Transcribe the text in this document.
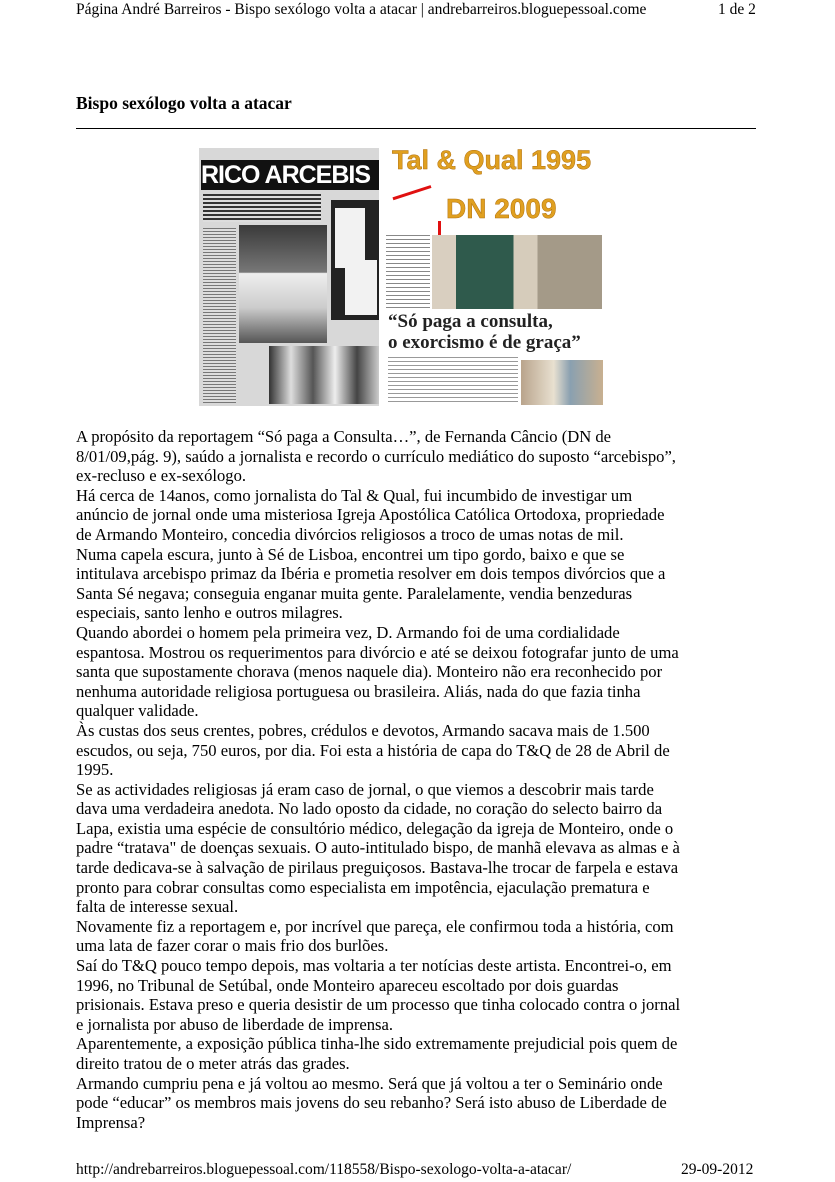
Página André Barreiros - Bispo sexólogo volta a atacar | andrebarreiros.bloguepessoal.come	1 de 2
Bispo sexólogo volta a atacar
RICO ARCEBIS Tal & Qual 1995
DN 2009
“Só paga a consulta,
o exorcismo é de graça”
A propósito da reportagem “Só paga a Consulta…”, de Fernanda Câncio (DN de
8/01/09,pág. 9), saúdo a jornalista e recordo o currículo mediático do suposto “arcebispo”,
ex-recluso e ex-sexólogo.
Há cerca de 14anos, como jornalista do Tal & Qual, fui incumbido de investigar um
anúncio de jornal onde uma misteriosa Igreja Apostólica Católica Ortodoxa, propriedade
de Armando Monteiro, concedia divórcios religiosos a troco de umas notas de mil.
Numa capela escura, junto à Sé de Lisboa, encontrei um tipo gordo, baixo e que se
intitulava arcebispo primaz da Ibéria e prometia resolver em dois tempos divórcios que a
Santa Sé negava; conseguia enganar muita gente. Paralelamente, vendia benzeduras
especiais, santo lenho e outros milagres.
Quando abordei o homem pela primeira vez, D. Armando foi de uma cordialidade
espantosa. Mostrou os requerimentos para divórcio e até se deixou fotografar junto de uma
santa que supostamente chorava (menos naquele dia). Monteiro não era reconhecido por
nenhuma autoridade religiosa portuguesa ou brasileira. Aliás, nada do que fazia tinha
qualquer validade.
Às custas dos seus crentes, pobres, crédulos e devotos, Armando sacava mais de 1.500
escudos, ou seja, 750 euros, por dia. Foi esta a história de capa do T&Q de 28 de Abril de
1995.
Se as actividades religiosas já eram caso de jornal, o que viemos a descobrir mais tarde
dava uma verdadeira anedota. No lado oposto da cidade, no coração do selecto bairro da
Lapa, existia uma espécie de consultório médico, delegação da igreja de Monteiro, onde o
padre “tratava" de doenças sexuais. O auto-intitulado bispo, de manhã elevava as almas e à
tarde dedicava-se à salvação de pirilaus preguiçosos. Bastava-lhe trocar de farpela e estava
pronto para cobrar consultas como especialista em impotência, ejaculação prematura e
falta de interesse sexual.
Novamente fiz a reportagem e, por incrível que pareça, ele confirmou toda a história, com
uma lata de fazer corar o mais frio dos burlões.
Saí do T&Q pouco tempo depois, mas voltaria a ter notícias deste artista. Encontrei-o, em
1996, no Tribunal de Setúbal, onde Monteiro apareceu escoltado por dois guardas
prisionais. Estava preso e queria desistir de um processo que tinha colocado contra o jornal
e jornalista por abuso de liberdade de imprensa.
Aparentemente, a exposição pública tinha-lhe sido extremamente prejudicial pois quem de
direito tratou de o meter atrás das grades.
Armando cumpriu pena e já voltou ao mesmo. Será que já voltou a ter o Seminário onde
pode “educar” os membros mais jovens do seu rebanho? Será isto abuso de Liberdade de
Imprensa?
http://andrebarreiros.bloguepessoal.com/118558/Bispo-sexologo-volta-a-atacar/	29-09-2012
